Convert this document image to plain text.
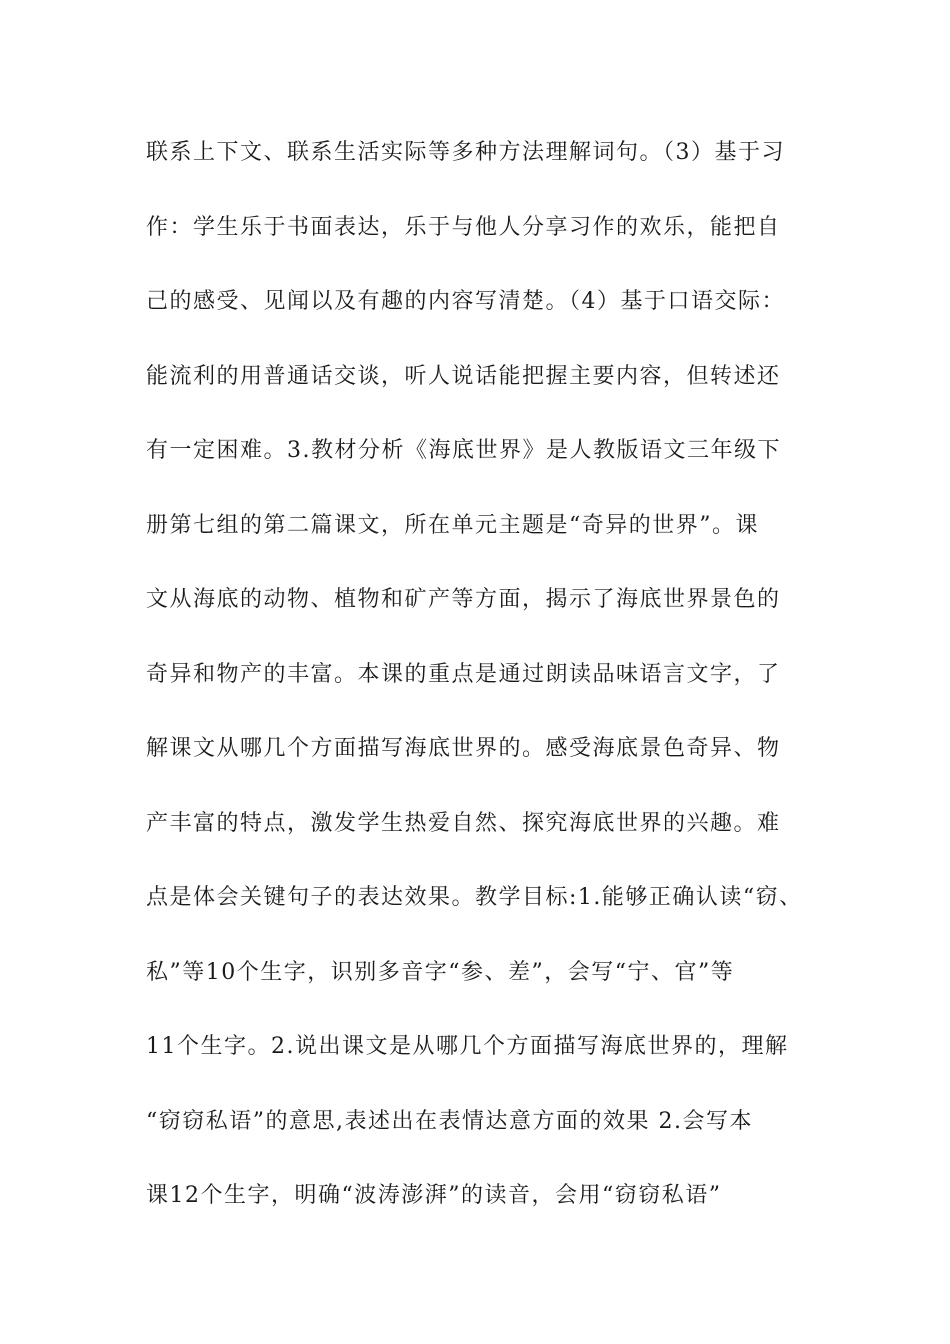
联系上下文、联系生活实际等多种方法理解词句。（3）基于习
作：学生乐于书面表达，乐于与他人分享习作的欢乐，能把自
己的感受、见闻以及有趣的内容写清楚。（4）基于口语交际：
能流利的用普通话交谈，听人说话能把握主要内容，但转述还
有一定困难。3.教材分析《海底世界》是人教版语文三年级下
册第七组的第二篇课文，所在单元主题是“奇异的世界”。课
文从海底的动物、植物和矿产等方面，揭示了海底世界景色的
奇异和物产的丰富。本课的重点是通过朗读品味语言文字，了
解课文从哪几个方面描写海底世界的。感受海底景色奇异、物
产丰富的特点，激发学生热爱自然、探究海底世界的兴趣。难
点是体会关键句子的表达效果。教学目标:1.能够正确认读“窃、
私”等10个生字，识别多音字“参、差”，会写“宁、官”等
11个生字。2.说出课文是从哪几个方面描写海底世界的，理解
“窃窃私语”的意思,表述出在表情达意方面的效果 2.会写本
课12个生字，明确“波涛澎湃”的读音，会用“窃窃私语”
